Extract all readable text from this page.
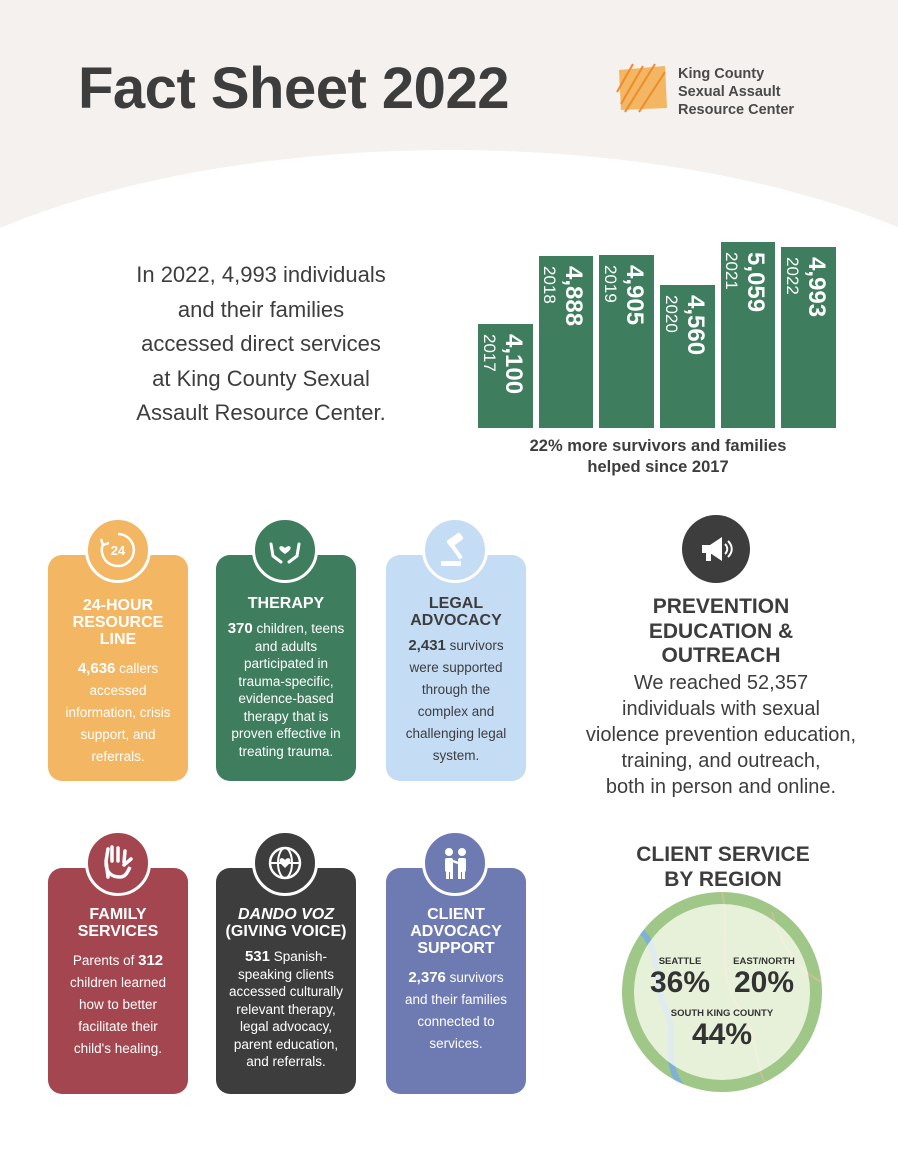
Fact Sheet 2022	King County
Sexual Assault
Resource Center
In 2022, 4,993 individuals
and their families
accessed direct services
at King County Sexual
Assault Resource Center.
4,100
2017
4,888
2018	4,905
2019
4,560
2020
5,059
2021	4,993
2022
22% more survivors and families
helped since 2017
24-HOUR
RESOURCE
LINE
4,636 callers accessed information, crisis support, and referrals.
24
THERAPY
370 children, teens and adults participated in trauma-specific, evidence-based therapy that is proven effective in treating trauma.
LEGAL
ADVOCACY
2,431 survivors were supported through the complex and challenging legal system.
FAMILY
SERVICES
Parents of 312 children learned how to better facilitate their child's healing.
DANDO VOZ
(GIVING VOICE)
531 Spanish-speaking clients accessed culturally relevant therapy, legal advocacy, parent education, and referrals.
CLIENT
ADVOCACY
SUPPORT
2,376 survivors and their families connected to services.
PREVENTION
EDUCATION &
OUTREACH
We reached 52,357
individuals with sexual
violence prevention education,
training, and outreach,
both in person and online.
CLIENT SERVICE
BY REGION
SEATTLE
36%
EAST/NORTH
20%
SOUTH KING COUNTY
44%
